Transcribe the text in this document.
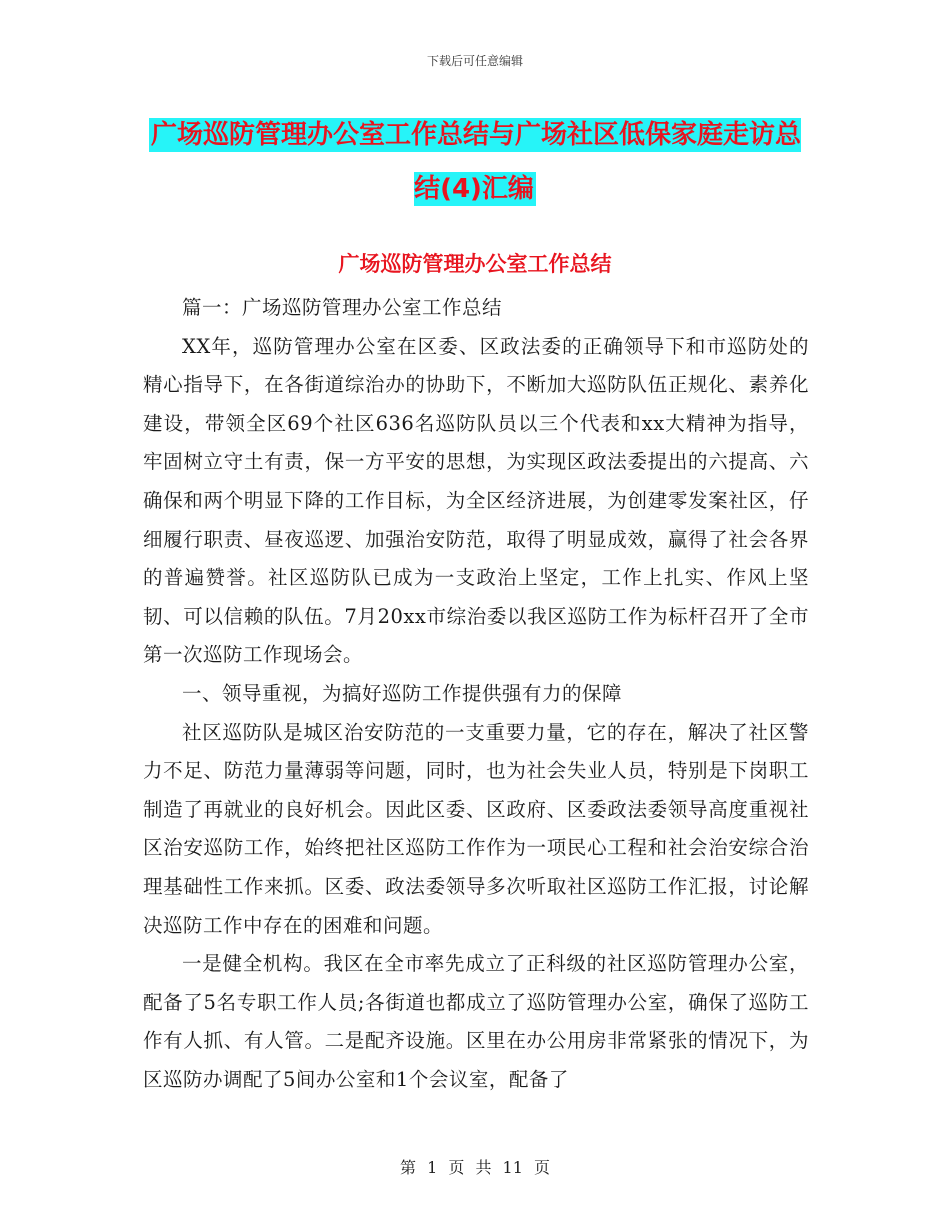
下载后可任意编辑
广场巡防管理办公室工作总结与广场社区低保家庭走访总结(4)汇编
广场巡防管理办公室工作总结

篇一：广场巡防管理办公室工作总结

XX年，巡防管理办公室在区委、区政法委的正确领导下和市巡防处的精心指导下，在各街道综治办的协助下，不断加大巡防队伍正规化、素养化建设，带领全区69个社区636名巡防队员以三个代表和xx大精神为指导，牢固树立守土有责，保一方平安的思想，为实现区政法委提出的六提高、六确保和两个明显下降的工作目标，为全区经济进展，为创建零发案社区，仔细履行职责、昼夜巡逻、加强治安防范，取得了明显成效，赢得了社会各界的普遍赞誉。社区巡防队已成为一支政治上坚定，工作上扎实、作风上坚韧、可以信赖的队伍。7月20xx市综治委以我区巡防工作为标杆召开了全市第一次巡防工作现场会。

一、领导重视，为搞好巡防工作提供强有力的保障

社区巡防队是城区治安防范的一支重要力量，它的存在，解决了社区警力不足、防范力量薄弱等问题，同时，也为社会失业人员，特别是下岗职工制造了再就业的良好机会。因此区委、区政府、区委政法委领导高度重视社区治安巡防工作，始终把社区巡防工作作为一项民心工程和社会治安综合治理基础性工作来抓。区委、政法委领导多次听取社区巡防工作汇报，讨论解决巡防工作中存在的困难和问题。

一是健全机构。我区在全市率先成立了正科级的社区巡防管理办公室，配备了5名专职工作人员;各街道也都成立了巡防管理办公室，确保了巡防工作有人抓、有人管。二是配齐设施。区里在办公用房非常紧张的情况下，为区巡防办调配了5间办公室和1个会议室，配备了

第 1 页 共 11 页
